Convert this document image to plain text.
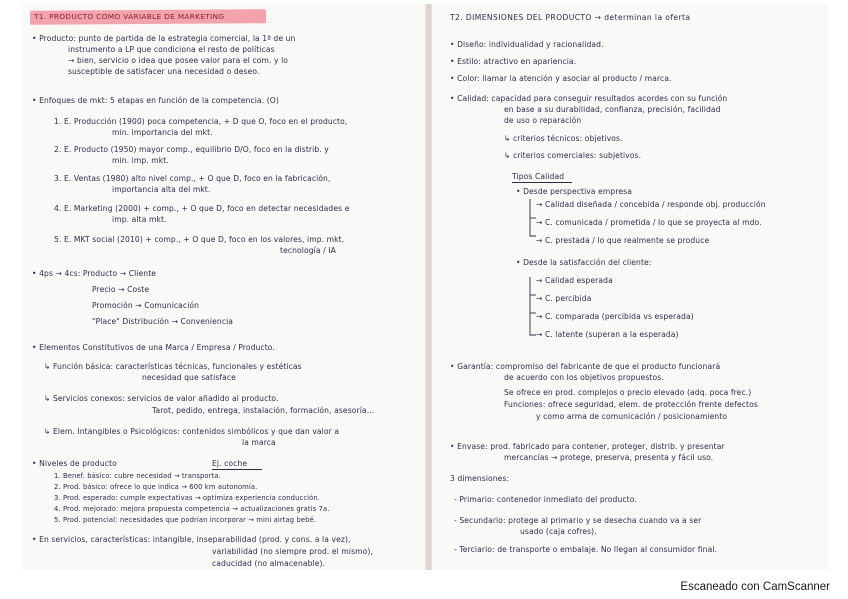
T1. PRODUCTO COMO VARIABLE DE MARKETING
• Producto: punto de partida de la estrategia comercial, la 1ª de un
instrumento a LP que condiciona el resto de políticas
→ bien, servicio o idea que posee valor para el com. y lo
susceptible de satisfacer una necesidad o deseo.
• Enfoques de mkt: 5 etapas en función de la competencia. (O)
1. E. Producción (1900) poca competencia, + D que O, foco en el producto,
min. importancia del mkt.
2. E. Producto (1950) mayor comp., equilibrio D/O, foco en la distrib. y
min. imp. mkt.
3. E. Ventas (1980) alto nivel comp., + O que D, foco en la fabricación,
importancia alta del mkt.
4. E. Marketing (2000) + comp., + O que D, foco en detectar necesidades e
imp. alta mkt.
5. E. MKT social (2010) + comp., + O que D, foco en los valores, imp. mkt.
tecnología / IA
• 4ps → 4cs: Producto → Cliente
Precio → Coste
Promoción → Comunicación
"Place" Distribución → Conveniencia
• Elementos Constitutivos de una Marca / Empresa / Producto.
↳ Función básica: características técnicas, funcionales y estéticas
necesidad que satisface
↳ Servicios conexos: servicios de valor añadido al producto.
Tarot, pedido, entrega, instalación, formación, asesoría...
↳ Elem. Intangibles o Psicológicos: contenidos simbólicos y que dan valor a
la marca
• Niveles de producto	Ej. coche
1. Benef. básico: cubre necesidad → transporta.
2. Prod. básico: ofrece lo que indica → 600 km autonomía.
3. Prod. esperado: cumple expectativas → optimiza experiencia conducción.
4. Prod. mejorado: mejora propuesta competencia → actualizaciones gratis 7a.
5. Prod. potencial: necesidades que podrían incorporar → mini airtag bebé.
• En servicios, características: intangible, inseparabilidad (prod. y cons. a la vez),
variabilidad (no siempre prod. el mismo),
caducidad (no almacenable).
T2. DIMENSIONES DEL PRODUCTO → determinan la oferta
• Diseño: individualidad y racionalidad.
• Estilo: atractivo en apariencia.
• Color: llamar la atención y asociar al producto / marca.
• Calidad: capacidad para conseguir resultados acordes con su función
en base a su durabilidad, confianza, precisión, facilidad
de uso o reparación
↳ criterios técnicos: objetivos.
↳ criterios comerciales: subjetivos.
Tipos Calidad
• Desde perspectiva empresa
→ Calidad diseñada / concebida / responde obj. producción
→ C. comunicada / prometida / lo que se proyecta al mdo.
→ C. prestada / lo que realmente se produce
• Desde la satisfacción del cliente:
→ Calidad esperada
→ C. percibida
→ C. comparada (percibida vs esperada)
→ C. latente (superan a la esperada)
• Garantía: compromiso del fabricante de que el producto funcionará
de acuerdo con los objetivos propuestos.
Se ofrece en prod. complejos o precio elevado (adq. poca frec.)
Funciones: ofrece seguridad, elem. de protección frente defectos
y como arma de comunicación / posicionamiento
• Envase: prod. fabricado para contener, proteger, distrib. y presentar
mercancías → protege, preserva, presenta y fácil uso.
3 dimensiones:
- Primario: contenedor inmediato del producto.
- Secundario: protege al primario y se desecha cuando va a ser
usado (caja cofres).
- Terciario: de transporte o embalaje. No llegan al consumidor final.
Escaneado con CamScanner
